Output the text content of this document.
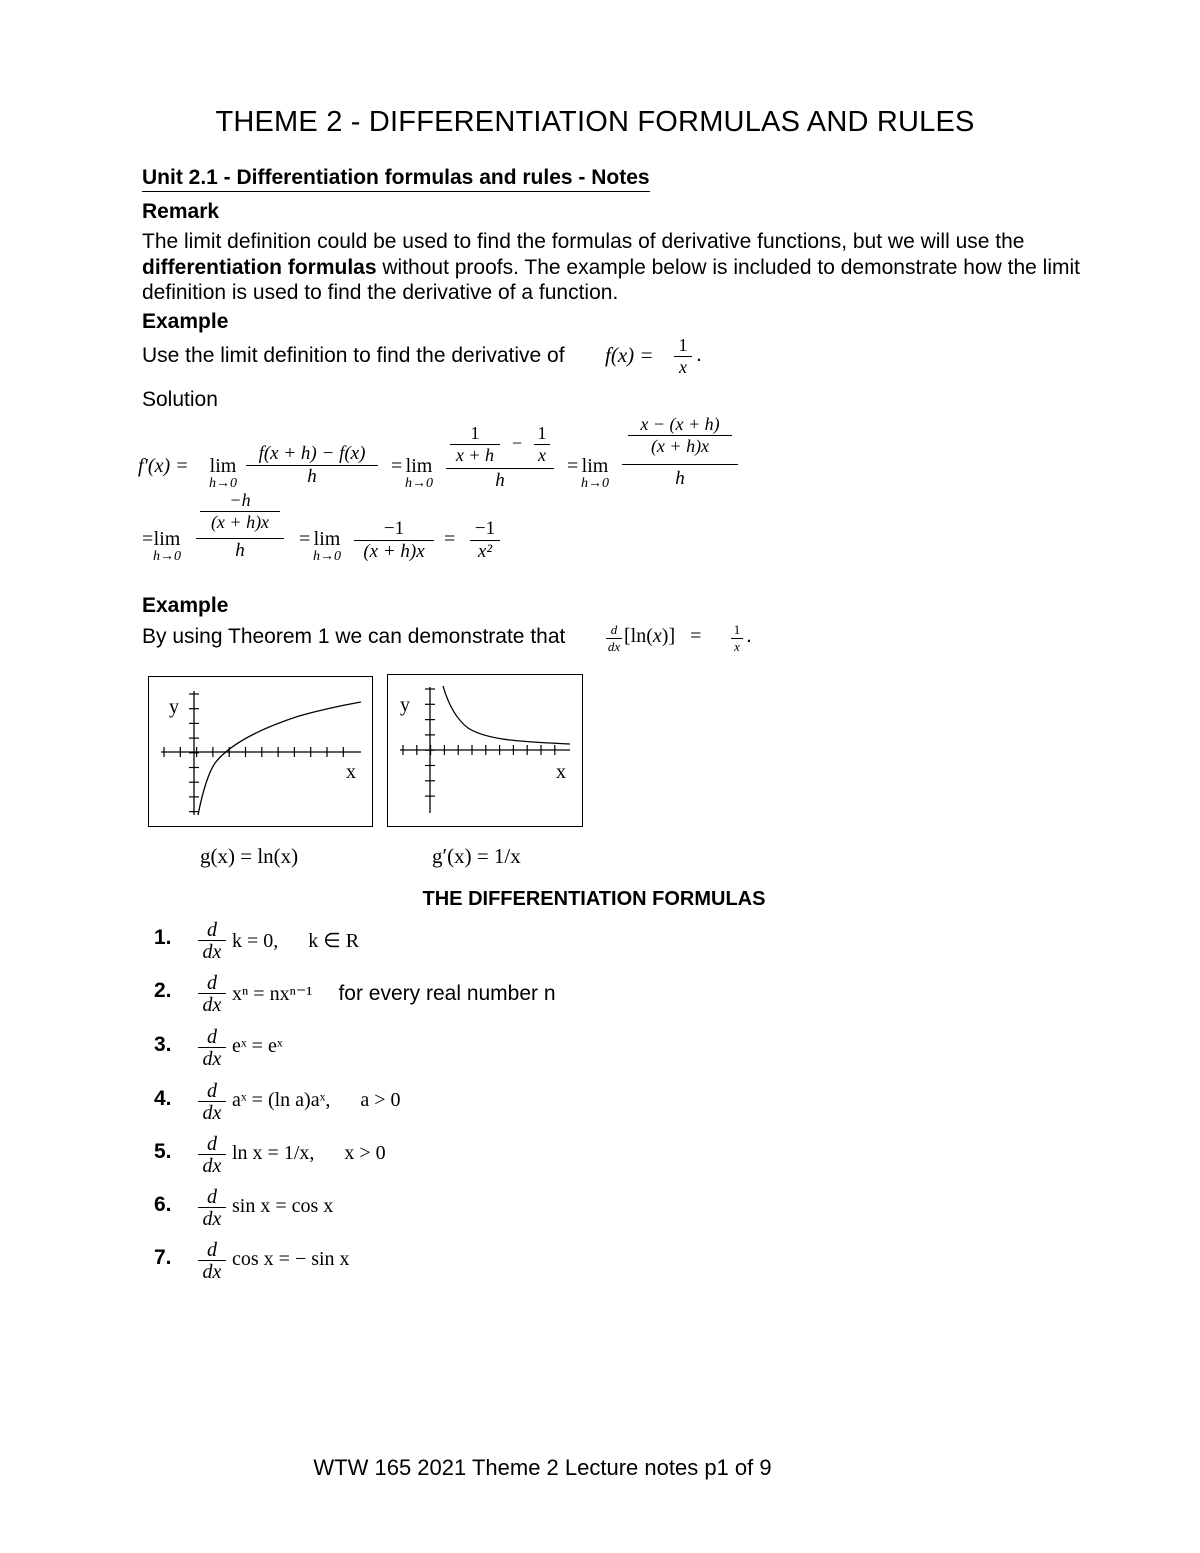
THEME 2 - DIFFERENTIATION FORMULAS AND RULES
Unit 2.1 - Differentiation formulas and rules - Notes
Remark
The limit definition could be used to find the formulas of derivative functions, but we will use the differentiation formulas without proofs. The example below is included to demonstrate how the limit definition is used to find the derivative of a function.
Example
Use the limit definition to find the derivative of f(x) = 1
x
.
Solution
f′(x) =	lim
h→0
f(x + h) − f(x)
h	= lim
h→0
1
x + h
− 1
x
h
= lim
h→0
x − (x + h)
(x + h)x
h
= lim
h→0
−h
(x + h)x
h
= lim
h→0
−1
(x + h)x
= −1
x²
Example
By using Theorem 1 we can demonstrate that	d
dx [ln(x)]   = 1
x .
y
x
g(x) = ln(x)
y
x
g′(x) = 1/x
THE DIFFERENTIATION FORMULAS
1.	d
dx k = 0, k ∈ R
2.	d
dx xⁿ = nxⁿ⁻¹ for every real number n
3.	d
dx
eˣ = eˣ
4.	d
dx
aˣ = (ln a)aˣ, a > 0
5.	d
dx
ln x = 1/x, x > 0
6.	d
dx
sin x = cos x
7.	d
dx
cos x = − sin x
WTW 165 2021 Theme 2 Lecture notes p1 of 9
